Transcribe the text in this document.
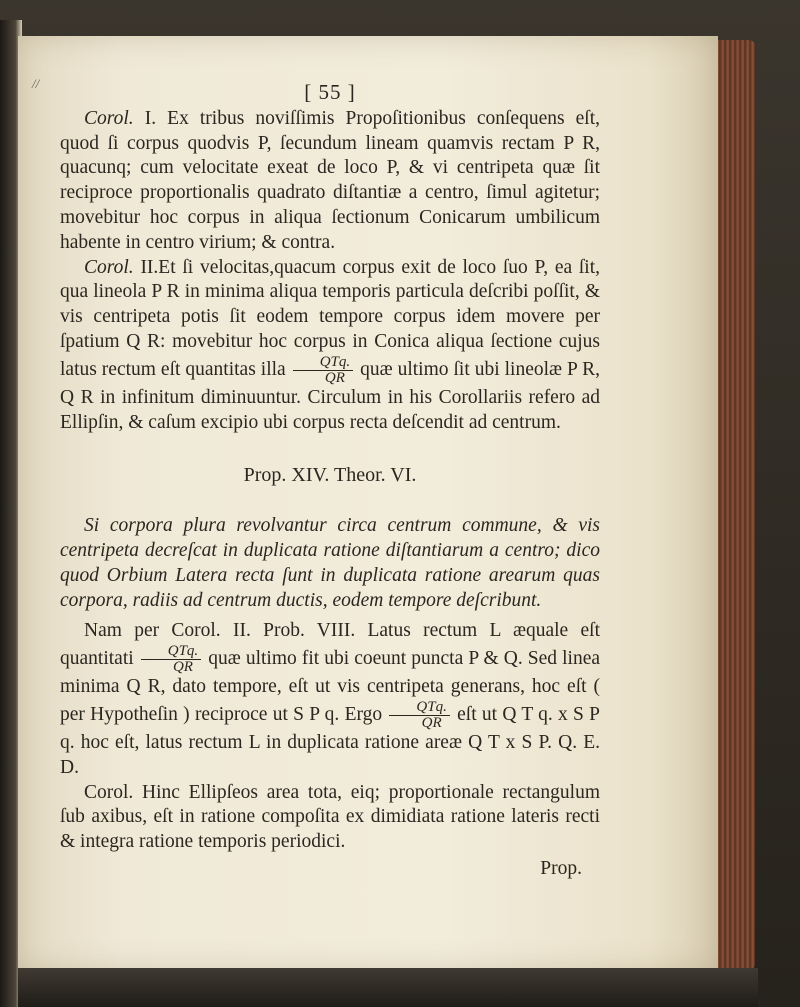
//	[ 55 ]

Corol. I. Ex tribus noviſſimis Propoſitionibus conſequens eſt, quod ſi corpus quodvis P, ſecundum lineam quamvis rectam P R, quacunq; cum velocitate exeat de loco P, & vi centripeta quæ ſit reciproce proportionalis quadrato diſtantiæ a centro, ſimul agitetur; movebitur hoc corpus in aliqua ſectionum Conicarum umbilicum habente in centro virium; & contra.

Corol. II.Et ſi velocitas,quacum corpus exit de loco ſuo P, ea ſit, qua lineola P R in minima aliqua temporis particula deſcribi poſſit, & vis centripeta potis ſit eodem tempore corpus idem movere per ſpatium Q R: movebitur hoc corpus in Conica aliqua ſectione cujus latus rectum eſt quantitas illa $\frac{\text{QTq.}}{QR}$ quæ ultimo ſit ubi lineolæ P R, Q R in infinitum diminuuntur. Circulum in his Corollariis refero ad Ellipſin, & caſum excipio ubi corpus recta deſcendit ad centrum.

Prop. XIV. Theor. VI.

Si corpora plura revolvantur circa centrum commune, & vis centripeta decreſcat in duplicata ratione diſtantiarum a centro; dico quod Orbium Latera recta ſunt in duplicata ratione arearum quas corpora, radiis ad centrum ductis, eodem tempore deſcribunt.

Nam per Corol. II. Prob. VIII. Latus rectum L æquale eſt quantitati $\frac{\text{QTq.}}{QR}$ quæ ultimo fit ubi coeunt puncta P & Q. Sed linea minima Q R, dato tempore, eſt ut vis centripeta generans, hoc eſt ( per Hypotheſin ) reciproce ut S P q. Ergo $\frac{\text{QTq.}}{QR}$ eſt ut Q T q. x S P q. hoc eſt, latus rectum L in duplicata ratione areæ Q T x S P. Q. E. D.

Corol. Hinc Ellipſeos area tota, eiq; proportionale rectangulum ſub axibus, eſt in ratione compoſita ex dimidiata ratione lateris recti & integra ratione temporis periodici.

Prop.
